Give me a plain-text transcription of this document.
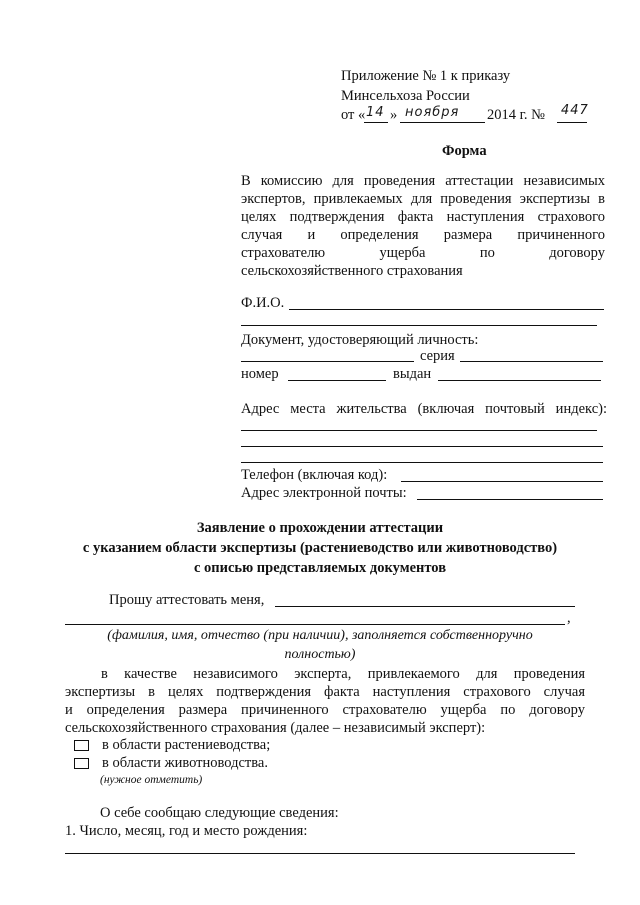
Приложение № 1 к приказу
Минсельхоза России
от « 14 » ноября 2014 г. № 447
Форма
В комиссию для проведения аттестации независимых
экспертов, привлекаемых для проведения экспертизы в
целях подтверждения факта наступления страхового
случая и определения размера причиненного
страхователю ущерба по договору
сельскохозяйственного страхования
Ф.И.О.
Документ, удостоверяющий личность:
серия
номер	выдан
Адрес места жительства (включая почтовый индекс):
Телефон (включая код):
Адрес электронной почты:
Заявление о прохождении аттестации
с указанием области экспертизы (растениеводство или животноводство)
с описью представляемых документов
Прошу аттестовать меня,
,
(фамилия, имя, отчество (при наличии), заполняется собственноручно
полностью)
в качестве независимого эксперта, привлекаемого для проведения
экспертизы в целях подтверждения факта наступления страхового случая
и определения размера причиненного страхователю ущерба по договору
сельскохозяйственного страхования (далее – независимый эксперт):
в области растениеводства;
в области животноводства.
(нужное отметить)
О себе сообщаю следующие сведения:
1. Число, месяц, год и место рождения:
